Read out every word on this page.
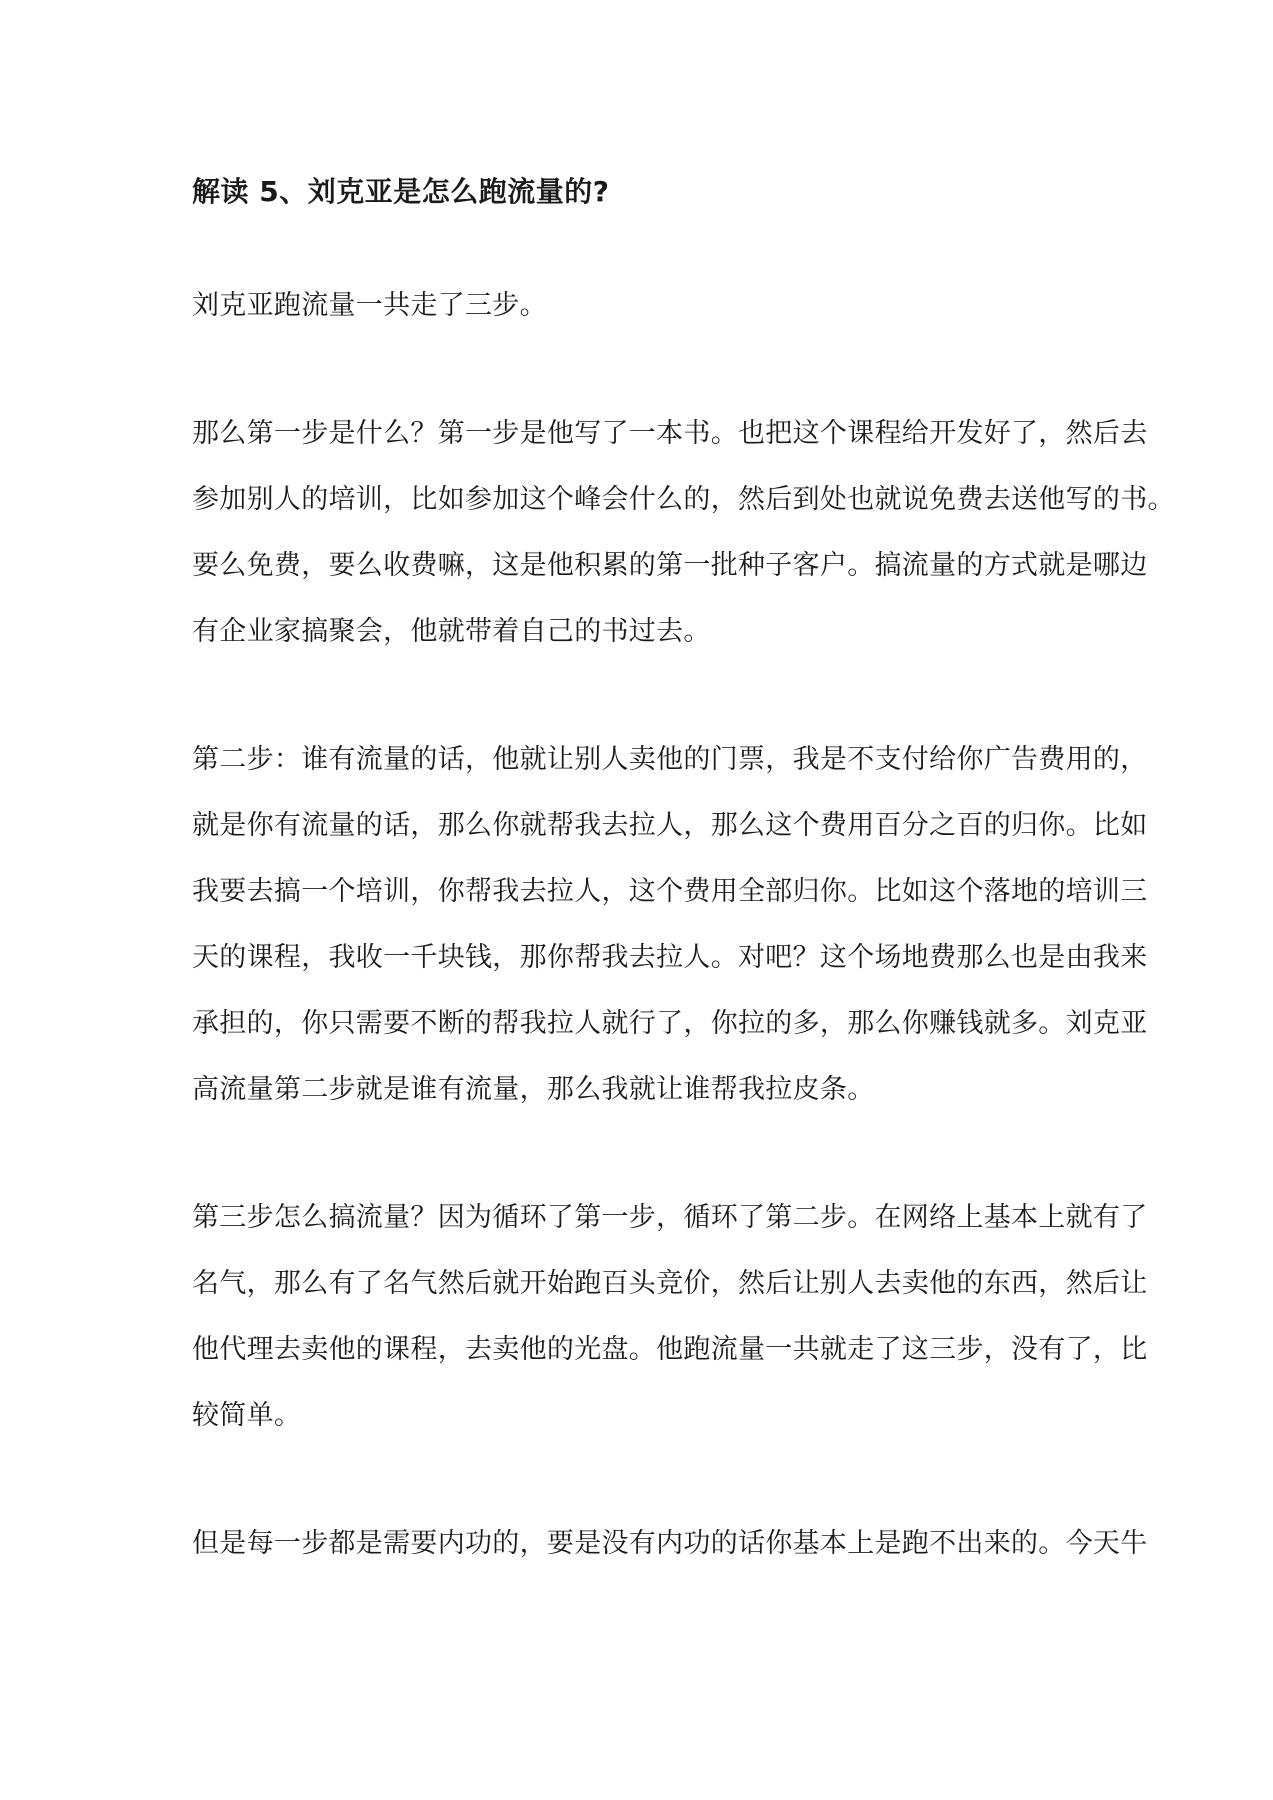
解读 5、刘克亚是怎么跑流量的?
刘克亚跑流量一共走了三步。
那么第一步是什么？第一步是他写了一本书。也把这个课程给开发好了，然后去
参加别人的培训，比如参加这个峰会什么的，然后到处也就说免费去送他写的书。
要么免费，要么收费嘛，这是他积累的第一批种子客户。搞流量的方式就是哪边
有企业家搞聚会，他就带着自己的书过去。
第二步：谁有流量的话，他就让别人卖他的门票，我是不支付给你广告费用的，
就是你有流量的话，那么你就帮我去拉人，那么这个费用百分之百的归你。比如
我要去搞一个培训，你帮我去拉人，这个费用全部归你。比如这个落地的培训三
天的课程，我收一千块钱，那你帮我去拉人。对吧？这个场地费那么也是由我来
承担的，你只需要不断的帮我拉人就行了，你拉的多，那么你赚钱就多。刘克亚
高流量第二步就是谁有流量，那么我就让谁帮我拉皮条。
第三步怎么搞流量？因为循环了第一步，循环了第二步。在网络上基本上就有了
名气，那么有了名气然后就开始跑百头竞价，然后让别人去卖他的东西，然后让
他代理去卖他的课程，去卖他的光盘。他跑流量一共就走了这三步，没有了，比
较简单。
但是每一步都是需要内功的，要是没有内功的话你基本上是跑不出来的。今天牛
